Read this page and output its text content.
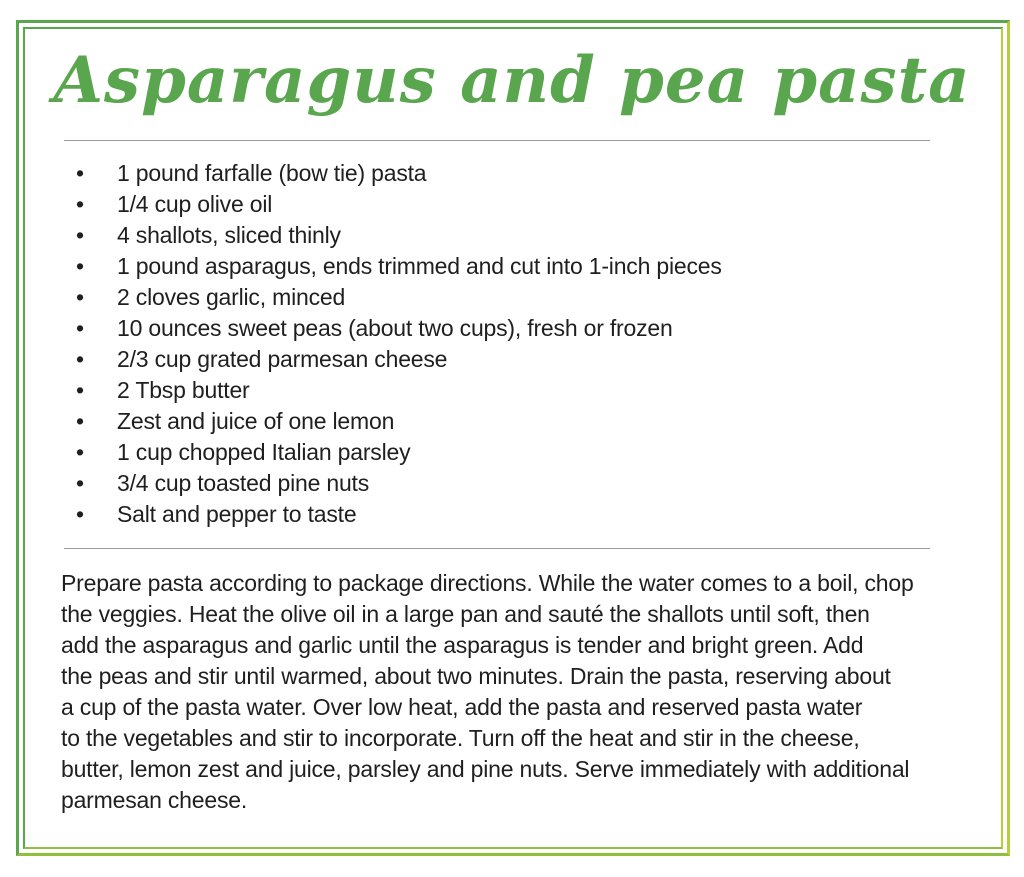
Asparagus and pea pasta
• 1 pound farfalle (bow tie) pasta
• 1/4 cup olive oil
• 4 shallots, sliced thinly
• 1 pound asparagus, ends trimmed and cut into 1-inch pieces
• 2 cloves garlic, minced
• 10 ounces sweet peas (about two cups), fresh or frozen
• 2/3 cup grated parmesan cheese
• 2 Tbsp butter
• Zest and juice of one lemon
• 1 cup chopped Italian parsley
• 3/4 cup toasted pine nuts
• Salt and pepper to taste

Prepare pasta according to package directions. While the water comes to a boil, chop
the veggies. Heat the olive oil in a large pan and sauté the shallots until soft, then
add the asparagus and garlic until the asparagus is tender and bright green. Add
the peas and stir until warmed, about two minutes. Drain the pasta, reserving about
a cup of the pasta water. Over low heat, add the pasta and reserved pasta water
to the vegetables and stir to incorporate. Turn off the heat and stir in the cheese,
butter, lemon zest and juice, parsley and pine nuts. Serve immediately with additional
parmesan cheese.
